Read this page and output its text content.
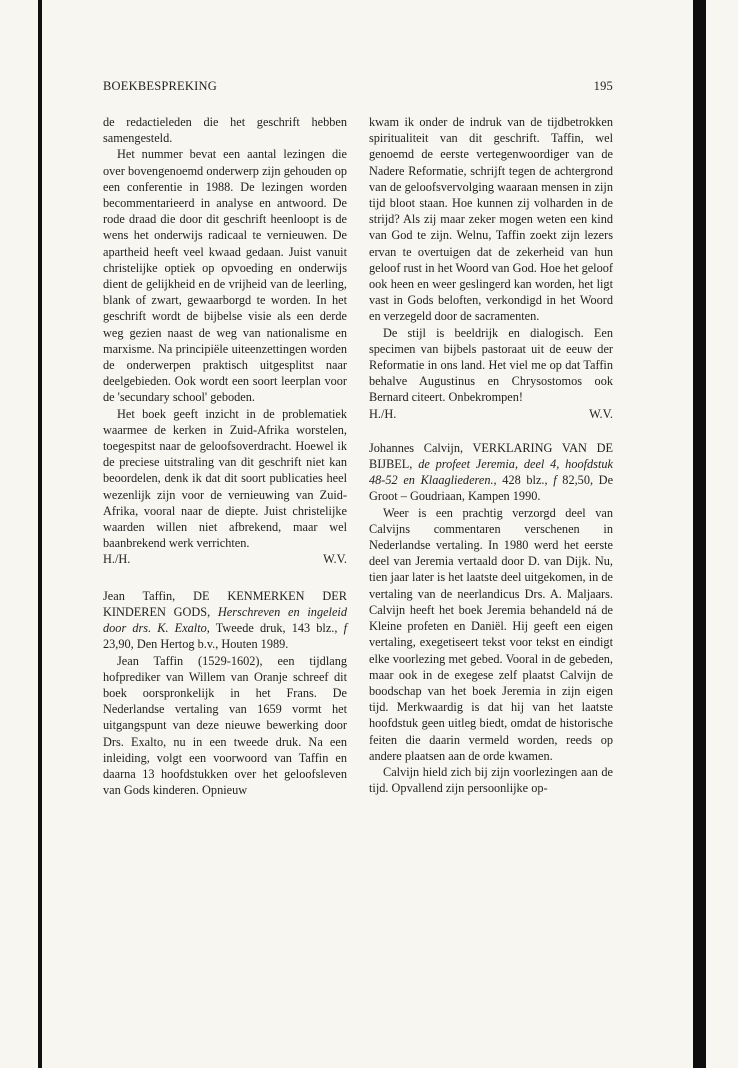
BOEKBESPREKING	195

de redactieleden die het geschrift hebben samengesteld.

Het nummer bevat een aantal lezingen die over bovengenoemd onderwerp zijn gehouden op een conferentie in 1988. De lezingen worden becommentarieerd in analyse en antwoord. De rode draad die door dit geschrift heenloopt is de wens het onderwijs radicaal te vernieuwen. De apartheid heeft veel kwaad gedaan. Juist vanuit christelijke optiek op opvoeding en onderwijs dient de gelijkheid en de vrijheid van de leerling, blank of zwart, gewaarborgd te worden. In het geschrift wordt de bijbelse visie als een derde weg gezien naast de weg van nationalisme en marxisme. Na principiële uiteenzettingen worden de onderwerpen praktisch uitgesplitst naar deelgebieden. Ook wordt een soort leerplan voor de 'secundary school' geboden.

Het boek geeft inzicht in de problematiek waarmee de kerken in Zuid-Afrika worstelen, toegespitst naar de geloofsoverdracht. Hoewel ik de preciese uitstraling van dit geschrift niet kan beoordelen, denk ik dat dit soort publicaties heel wezenlijk zijn voor de vernieuwing van Zuid-Afrika, vooral naar de diepte. Juist christelijke waarden willen niet afbrekend, maar wel baanbrekend werk verrichten.

H./H.	W.V.

Jean Taffin, DE KENMERKEN DER KINDEREN GODS, Herschreven en ingeleid door drs. K. Exalto, Tweede druk, 143 blz., f 23,90, Den Hertog b.v., Houten 1989.

Jean Taffin (1529-1602), een tijdlang hofprediker van Willem van Oranje schreef dit boek oorspronkelijk in het Frans. De Nederlandse vertaling van 1659 vormt het uitgangspunt van deze nieuwe bewerking door Drs. Exalto, nu in een tweede druk. Na een inleiding, volgt een voorwoord van Taffin en daarna 13 hoofdstukken over het geloofsleven van Gods kinderen. Opnieuw

kwam ik onder de indruk van de tijdbetrokken spiritualiteit van dit geschrift. Taffin, wel genoemd de eerste vertegenwoordiger van de Nadere Reformatie, schrijft tegen de achtergrond van de geloofsvervolging waaraan mensen in zijn tijd bloot staan. Hoe kunnen zij volharden in de strijd? Als zij maar zeker mogen weten een kind van God te zijn. Welnu, Taffin zoekt zijn lezers ervan te overtuigen dat de zekerheid van hun geloof rust in het Woord van God. Hoe het geloof ook heen en weer geslingerd kan worden, het ligt vast in Gods beloften, verkondigd in het Woord en verzegeld door de sacramenten.

De stijl is beeldrijk en dialogisch. Een specimen van bijbels pastoraat uit de eeuw der Reformatie in ons land. Het viel me op dat Taffin behalve Augustinus en Chrysostomos ook Bernard citeert. Onbekrompen!

H./H.	W.V.

Johannes Calvijn, VERKLARING VAN DE BIJBEL, de profeet Jeremia, deel 4, hoofdstuk 48-52 en Klaagliederen., 428 blz., f 82,50, De Groot – Goudriaan, Kampen 1990.

Weer is een prachtig verzorgd deel van Calvijns commentaren verschenen in Nederlandse vertaling. In 1980 werd het eerste deel van Jeremia vertaald door D. van Dijk. Nu, tien jaar later is het laatste deel uitgekomen, in de vertaling van de neerlandicus Drs. A. Maljaars. Calvijn heeft het boek Jeremia behandeld ná de Kleine profeten en Daniël. Hij geeft een eigen vertaling, exegetiseert tekst voor tekst en eindigt elke voorlezing met gebed. Vooral in de gebeden, maar ook in de exegese zelf plaatst Calvijn de boodschap van het boek Jeremia in zijn eigen tijd. Merkwaardig is dat hij van het laatste hoofdstuk geen uitleg biedt, omdat de historische feiten die daarin vermeld worden, reeds op andere plaatsen aan de orde kwamen.

Calvijn hield zich bij zijn voorlezingen aan de tijd. Opvallend zijn persoonlijke op-
